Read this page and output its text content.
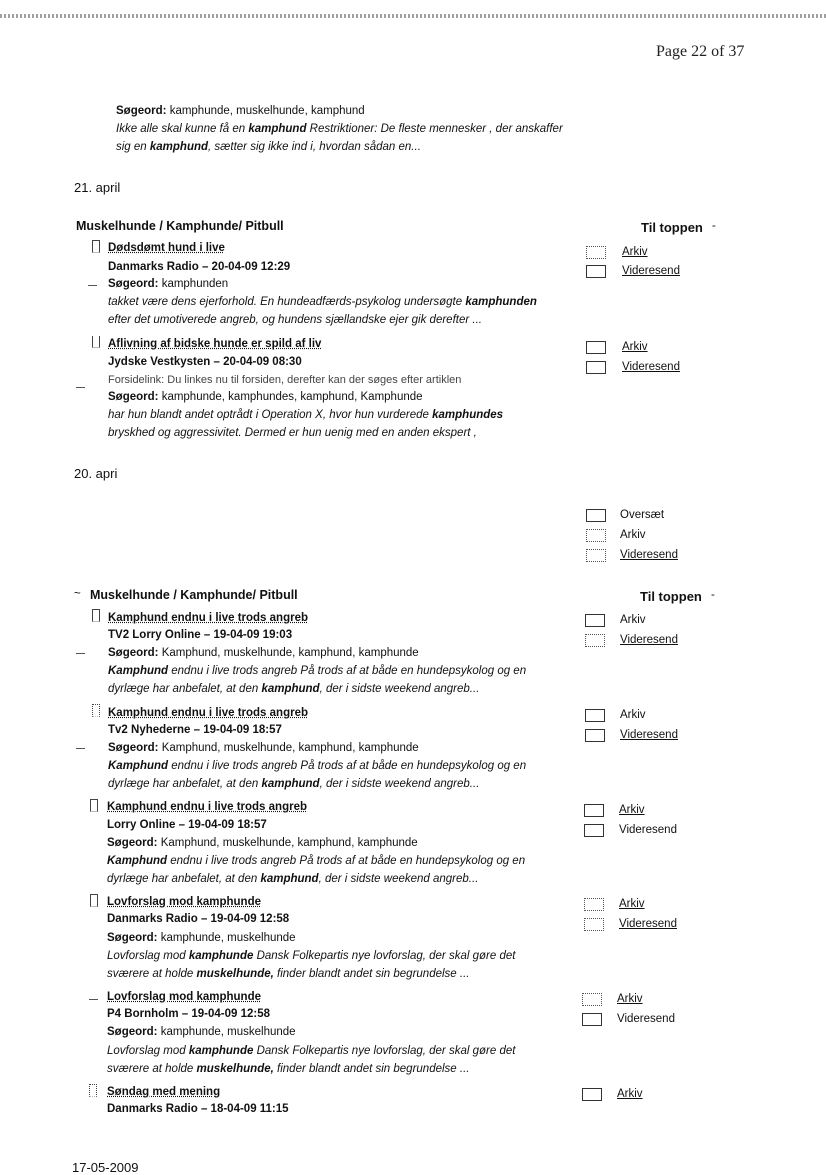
Page 22 of 37
Søgeord: kamphunde, muskelhunde, kamphund
Ikke alle skal kunne få en kamphund Restriktioner: De fleste mennesker , der anskaffer
sig en kamphund, sætter sig ikke ind i, hvordan sådan en...
21. april
Muskelhunde / Kamphunde/ Pitbull	Til toppen -
Dødsdømt hund i live
Danmarks Radio – 20-04-09 12:29
Søgeord: kamphunden
takket være dens ejerforhold. En hundeadfærds-psykolog undersøgte kamphunden
efter det umotiverede angreb, og hundens sjællandske ejer gik derefter ...
Arkiv
Videresend
Aflivning af bidske hunde er spild af liv
Jydske Vestkysten – 20-04-09 08:30
Forsidelink: Du linkes nu til forsiden, derefter kan der søges efter artiklen
Søgeord: kamphunde, kamphundes, kamphund, Kamphunde
har hun blandt andet optrådt i Operation X, hvor hun vurderede kamphundes
bryskhed og aggressivitet. Dermed er hun uenig med en anden ekspert ,
Arkiv
Videresend
20. apri
Oversæt
Arkiv
Videresend
~ Muskelhunde / Kamphunde/ Pitbull	Til toppen -
Kamphund endnu i live trods angreb
TV2 Lorry Online – 19-04-09 19:03
Søgeord: Kamphund, muskelhunde, kamphund, kamphunde
Kamphund endnu i live trods angreb På trods af at både en hundepsykolog og en
dyrlæge har anbefalet, at den kamphund, der i sidste weekend angreb...
Arkiv
Videresend
Kamphund endnu i live trods angreb
Tv2 Nyhederne – 19-04-09 18:57
Søgeord: Kamphund, muskelhunde, kamphund, kamphunde
Kamphund endnu i live trods angreb På trods af at både en hundepsykolog og en
dyrlæge har anbefalet, at den kamphund, der i sidste weekend angreb...
Arkiv
Videresend
Kamphund endnu i live trods angreb
Lorry Online – 19-04-09 18:57
Søgeord: Kamphund, muskelhunde, kamphund, kamphunde
Kamphund endnu i live trods angreb På trods af at både en hundepsykolog og en
dyrlæge har anbefalet, at den kamphund, der i sidste weekend angreb...
Arkiv
Videresend
Lovforslag mod kamphunde
Danmarks Radio – 19-04-09 12:58
Søgeord: kamphunde, muskelhunde
Lovforslag mod kamphunde Dansk Folkepartis nye lovforslag, der skal gøre det
sværere at holde muskelhunde, finder blandt andet sin begrundelse ...
Arkiv
Videresend
Lovforslag mod kamphunde
P4 Bornholm – 19-04-09 12:58
Søgeord: kamphunde, muskelhunde
Lovforslag mod kamphunde Dansk Folkepartis nye lovforslag, der skal gøre det
sværere at holde muskelhunde, finder blandt andet sin begrundelse ...
Arkiv
Videresend
Søndag med mening
Danmarks Radio – 18-04-09 11:15
Arkiv
17-05-2009
